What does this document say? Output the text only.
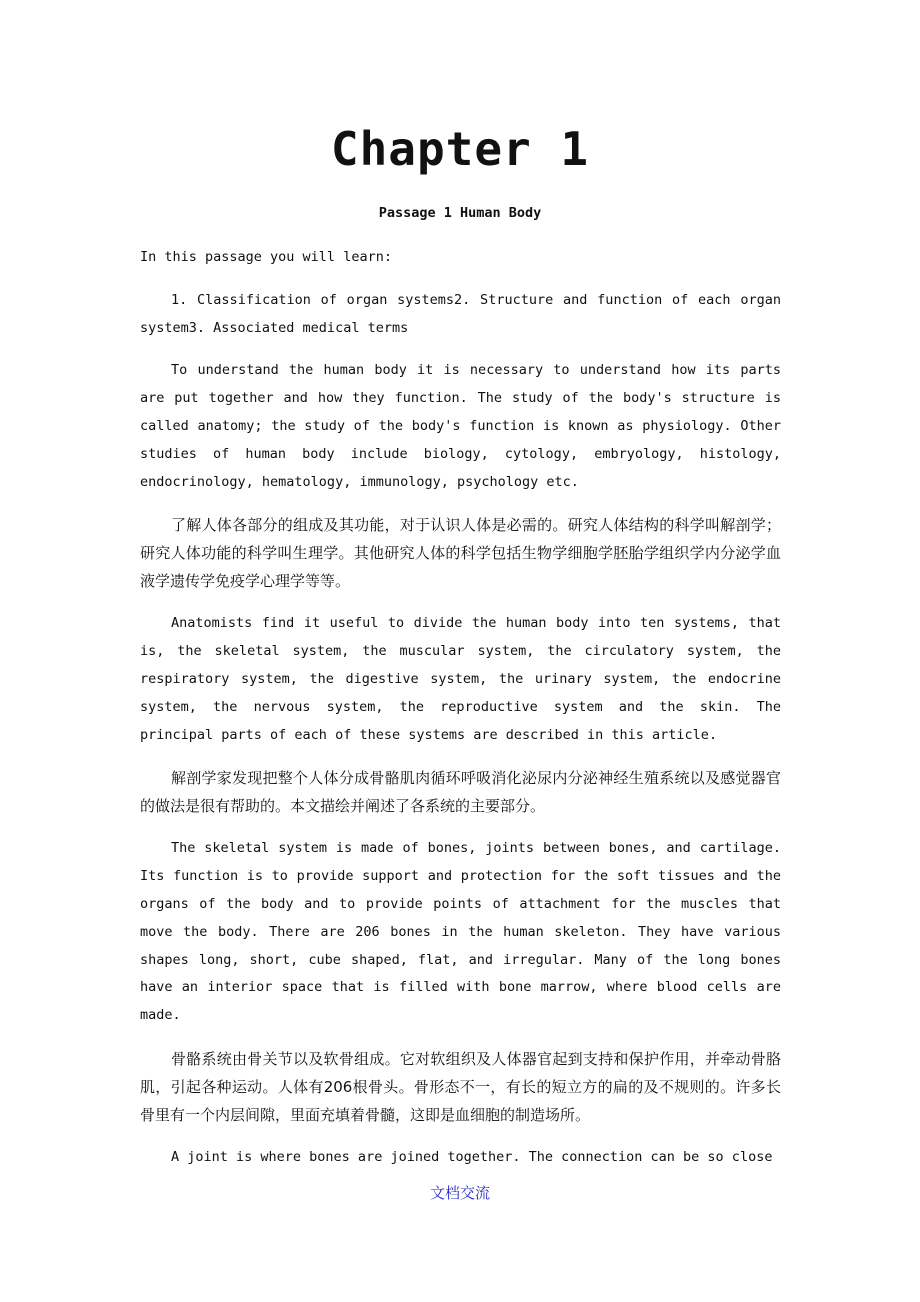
Chapter 1
Passage 1 Human Body

In this passage you will learn:

1. Classification of organ systems2. Structure and function of each organ system3. Associated medical terms

To understand the human body it is necessary to understand how its parts are put together and how they function. The study of the body's structure is called anatomy; the study of the body's function is known as physiology. Other studies of human body include biology, cytology, embryology, histology, endocrinology, hematology, immunology, psychology etc.

了解人体各部分的组成及其功能，对于认识人体是必需的。研究人体结构的科学叫解剖学；研究人体功能的科学叫生理学。其他研究人体的科学包括生物学细胞学胚胎学组织学内分泌学血液学遗传学免疫学心理学等等。

Anatomists find it useful to divide the human body into ten systems, that is, the skeletal system, the muscular system, the circulatory system, the respiratory system, the digestive system, the urinary system, the endocrine system, the nervous system, the reproductive system and the skin. The principal parts of each of these systems are described in this article.

解剖学家发现把整个人体分成骨骼肌肉循环呼吸消化泌尿内分泌神经生殖系统以及感觉器官的做法是很有帮助的。本文描绘并阐述了各系统的主要部分。

The skeletal system is made of bones, joints between bones, and cartilage. Its function is to provide support and protection for the soft tissues and the organs of the body and to provide points of attachment for the muscles that move the body. There are 206 bones in the human skeleton. They have various shapes long, short, cube shaped, flat, and irregular. Many of the long bones have an interior space that is filled with bone marrow, where blood cells are made.

骨骼系统由骨关节以及软骨组成。它对软组织及人体器官起到支持和保护作用，并牵动骨胳肌，引起各种运动。人体有206根骨头。骨形态不一，有长的短立方的扁的及不规则的。许多长骨里有一个内层间隙，里面充填着骨髓，这即是血细胞的制造场所。

A joint is where bones are joined together. The connection can be so close

文档交流
